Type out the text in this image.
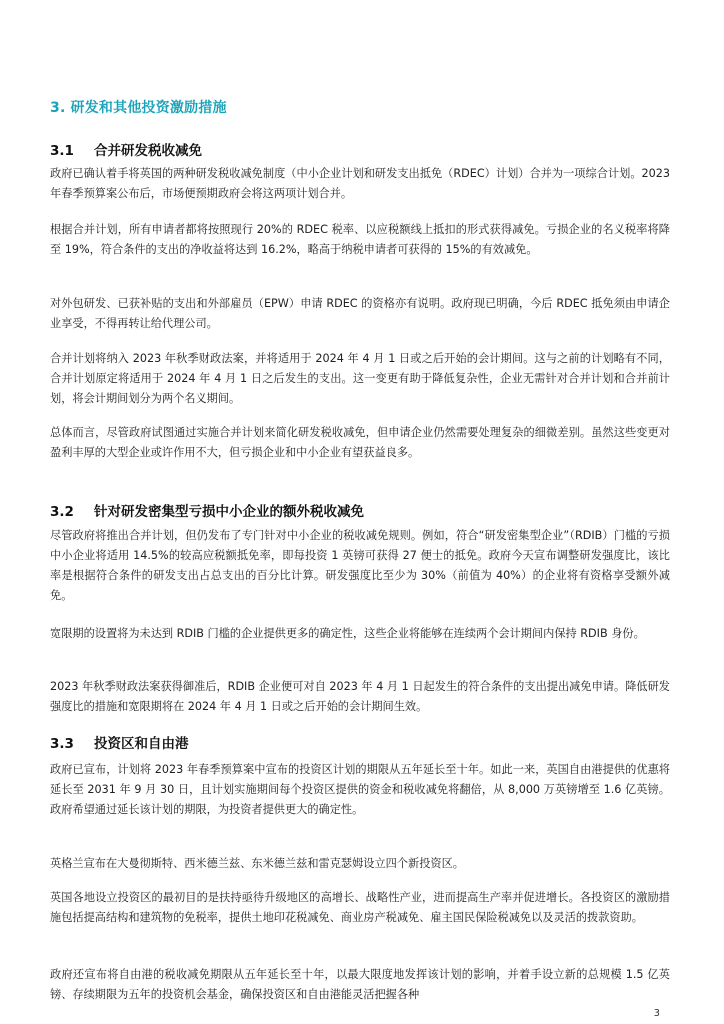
3. 研发和其他投资激励措施
3.1 合并研发税收减免
政府已确认着手将英国的两种研发税收减免制度（中小企业计划和研发支出抵免（RDEC）计划）合并为一项综合计划。2023 年春季预算案公布后，市场便预期政府会将这两项计划合并。
根据合并计划，所有申请者都将按照现行 20%的 RDEC 税率、以应税额线上抵扣的形式获得减免。亏损企业的名义税率将降至 19%，符合条件的支出的净收益将达到 16.2%，略高于纳税申请者可获得的 15%的有效减免。
对外包研发、已获补贴的支出和外部雇员（EPW）申请 RDEC 的资格亦有说明。政府现已明确，今后 RDEC 抵免须由申请企业享受，不得再转让给代理公司。
合并计划将纳入 2023 年秋季财政法案，并将适用于 2024 年 4 月 1 日或之后开始的会计期间。这与之前的计划略有不同，合并计划原定将适用于 2024 年 4 月 1 日之后发生的支出。这一变更有助于降低复杂性，企业无需针对合并计划和合并前计划，将会计期间划分为两个名义期间。
总体而言，尽管政府试图通过实施合并计划来简化研发税收减免，但申请企业仍然需要处理复杂的细微差别。虽然这些变更对盈利丰厚的大型企业或许作用不大，但亏损企业和中小企业有望获益良多。
3.2 针对研发密集型亏损中小企业的额外税收减免
尽管政府将推出合并计划，但仍发布了专门针对中小企业的税收减免规则。例如，符合“研发密集型企业”（RDIB）门槛的亏损中小企业将适用 14.5%的较高应税额抵免率，即每投资 1 英镑可获得 27 便士的抵免。政府今天宣布调整研发强度比，该比率是根据符合条件的研发支出占总支出的百分比计算。研发强度比至少为 30%（前值为 40%）的企业将有资格享受额外减免。
宽限期的设置将为未达到 RDIB 门槛的企业提供更多的确定性，这些企业将能够在连续两个会计期间内保持 RDIB 身份。
2023 年秋季财政法案获得御准后，RDIB 企业便可对自 2023 年 4 月 1 日起发生的符合条件的支出提出减免申请。降低研发强度比的措施和宽限期将在 2024 年 4 月 1 日或之后开始的会计期间生效。
3.3 投资区和自由港
政府已宣布，计划将 2023 年春季预算案中宣布的投资区计划的期限从五年延长至十年。如此一来，英国自由港提供的优惠将延长至 2031 年 9 月 30 日，且计划实施期间每个投资区提供的资金和税收减免将翻倍，从 8,000 万英镑增至 1.6 亿英镑。政府希望通过延长该计划的期限，为投资者提供更大的确定性。
英格兰宣布在大曼彻斯特、西米德兰兹、东米德兰兹和雷克瑟姆设立四个新投资区。
英国各地设立投资区的最初目的是扶持亟待升级地区的高增长、战略性产业，进而提高生产率并促进增长。各投资区的激励措施包括提高结构和建筑物的免税率，提供土地印花税减免、商业房产税减免、雇主国民保险税减免以及灵活的拨款资助。
政府还宣布将自由港的税收减免期限从五年延长至十年，以最大限度地发挥该计划的影响，并着手设立新的总规模 1.5 亿英镑、存续期限为五年的投资机会基金，确保投资区和自由港能灵活把握各种
3
